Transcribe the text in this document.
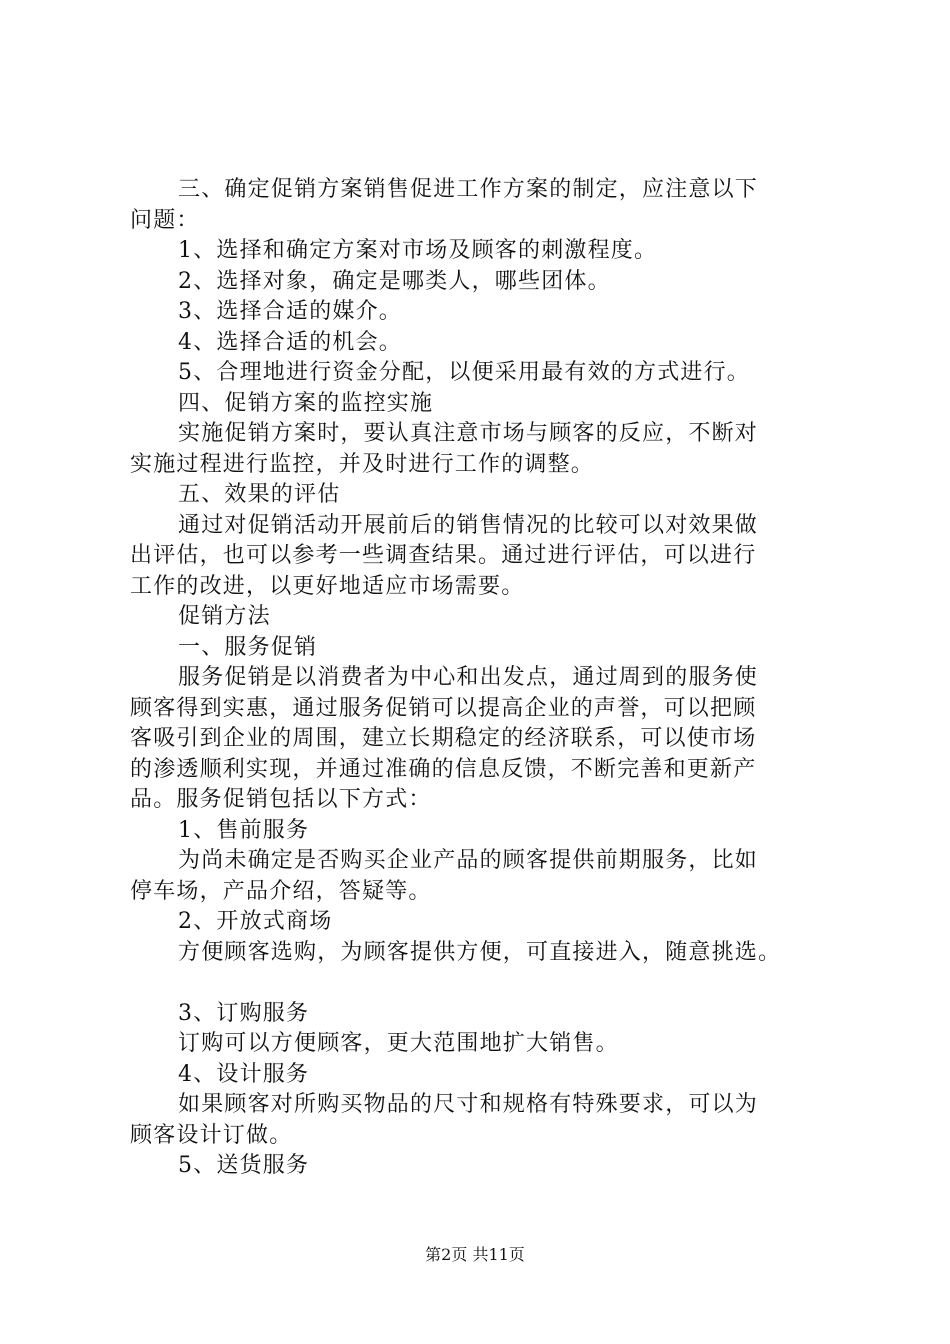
三、确定促销方案销售促进工作方案的制定，应注意以下
问题：
1、选择和确定方案对市场及顾客的刺激程度。
2、选择对象，确定是哪类人，哪些团体。
3、选择合适的媒介。
4、选择合适的机会。
5、合理地进行资金分配，以便采用最有效的方式进行。
四、促销方案的监控实施
实施促销方案时，要认真注意市场与顾客的反应，不断对
实施过程进行监控，并及时进行工作的调整。
五、效果的评估
通过对促销活动开展前后的销售情况的比较可以对效果做
出评估，也可以参考一些调查结果。通过进行评估，可以进行
工作的改进，以更好地适应市场需要。
促销方法
一、服务促销
服务促销是以消费者为中心和出发点，通过周到的服务使
顾客得到实惠，通过服务促销可以提高企业的声誉，可以把顾
客吸引到企业的周围，建立长期稳定的经济联系，可以使市场
的渗透顺利实现，并通过准确的信息反馈，不断完善和更新产
品。服务促销包括以下方式：
1、售前服务
为尚未确定是否购买企业产品的顾客提供前期服务，比如
停车场，产品介绍，答疑等。
2、开放式商场
方便顾客选购，为顾客提供方便，可直接进入，随意挑选。
3、订购服务
订购可以方便顾客，更大范围地扩大销售。
4、设计服务
如果顾客对所购买物品的尺寸和规格有特殊要求，可以为
顾客设计订做。
5、送货服务
第2页 共11页
